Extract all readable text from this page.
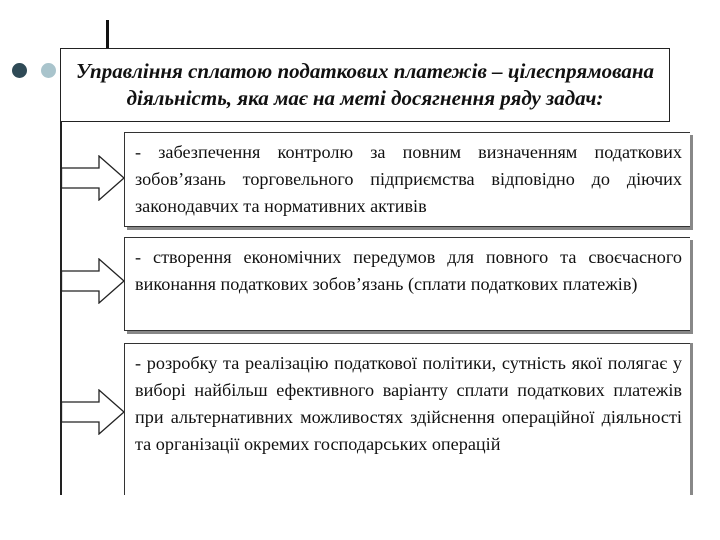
Управління сплатою податкових платежів – цілеспрямована діяльність, яка має на меті досягнення ряду задач:
- забезпечення контролю за повним визначенням податкових зобов’язань торговельного підприємства відповідно до діючих законодавчих та нормативних активів
- створення економічних передумов для повного та своєчасного виконання податкових зобов’язань (сплати податкових платежів)
- розробку та реалізацію податкової політики, сутність якої полягає у виборі найбільш ефективного варіанту сплати податкових платежів при альтернативних можливостях здійснення операційної діяльності та організації окремих господарських операцій
